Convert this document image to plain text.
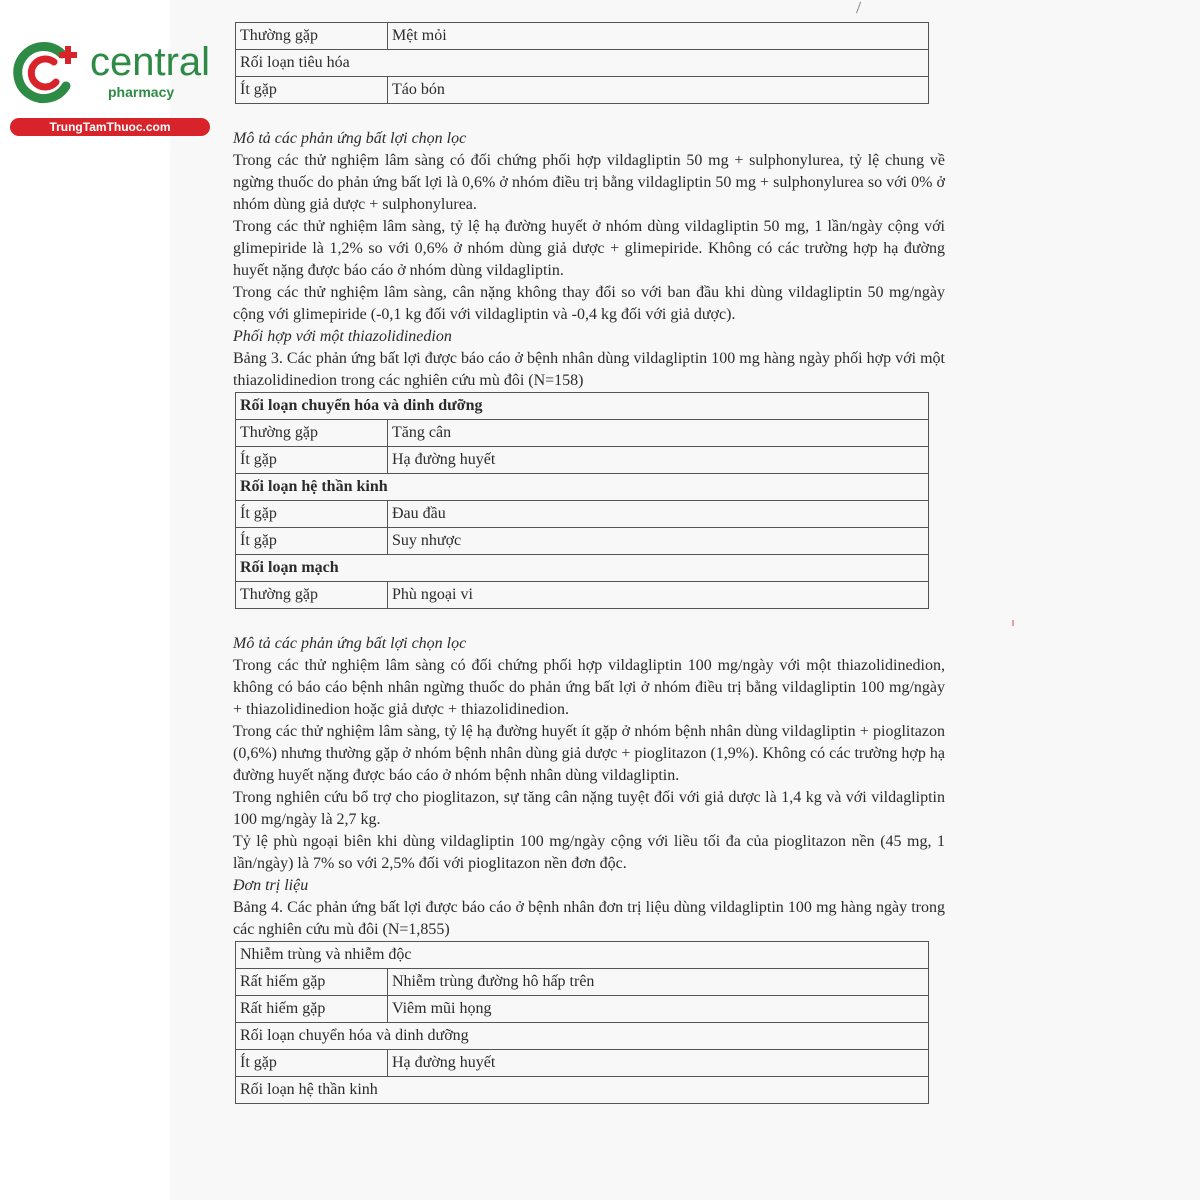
central
pharmacy
TrungTamThuoc.com
Thường gặp	Mệt mỏi
Rối loạn tiêu hóa	
Ít gặp	Táo bón

Mô tả các phản ứng bất lợi chọn lọc

Trong các thử nghiệm lâm sàng có đối chứng phối hợp vildagliptin 50 mg + sulphonylurea, tỷ lệ chung về ngừng thuốc do phản ứng bất lợi là 0,6% ở nhóm điều trị bằng vildagliptin 50 mg + sulphonylurea so với 0% ở nhóm dùng giả dược + sulphonylurea.

Trong các thử nghiệm lâm sàng, tỷ lệ hạ đường huyết ở nhóm dùng vildagliptin 50 mg, 1 lần/ngày cộng với glimepiride là 1,2% so với 0,6% ở nhóm dùng giả dược + glimepiride. Không có các trường hợp hạ đường huyết nặng được báo cáo ở nhóm dùng vildagliptin.

Trong các thử nghiệm lâm sàng, cân nặng không thay đổi so với ban đầu khi dùng vildagliptin 50 mg/ngày cộng với glimepiride (-0,1 kg đối với vildagliptin và -0,4 kg đối với giả dược).

Phối hợp với một thiazolidinedion

Bảng 3. Các phản ứng bất lợi được báo cáo ở bệnh nhân dùng vildagliptin 100 mg hàng ngày phối hợp với một thiazolidinedion trong các nghiên cứu mù đôi (N=158)

Rối loạn chuyển hóa và dinh dưỡng	
Thường gặp	Tăng cân
Ít gặp	Hạ đường huyết
Rối loạn hệ thần kinh	
Ít gặp	Đau đầu
Ít gặp	Suy nhược
Rối loạn mạch	
Thường gặp	Phù ngoại vi

Mô tả các phản ứng bất lợi chọn lọc

Trong các thử nghiệm lâm sàng có đối chứng phối hợp vildagliptin 100 mg/ngày với một thiazolidinedion, không có báo cáo bệnh nhân ngừng thuốc do phản ứng bất lợi ở nhóm điều trị bằng vildagliptin 100 mg/ngày + thiazolidinedion hoặc giả dược + thiazolidinedion.

Trong các thử nghiệm lâm sàng, tỷ lệ hạ đường huyết ít gặp ở nhóm bệnh nhân dùng vildagliptin + pioglitazon (0,6%) nhưng thường gặp ở nhóm bệnh nhân dùng giả dược + pioglitazon (1,9%). Không có các trường hợp hạ đường huyết nặng được báo cáo ở nhóm bệnh nhân dùng vildagliptin.

Trong nghiên cứu bổ trợ cho pioglitazon, sự tăng cân nặng tuyệt đối với giả dược là 1,4 kg và với vildagliptin 100 mg/ngày là 2,7 kg.

Tỷ lệ phù ngoại biên khi dùng vildagliptin 100 mg/ngày cộng với liều tối đa của pioglitazon nền (45 mg, 1 lần/ngày) là 7% so với 2,5% đối với pioglitazon nền đơn độc.

Đơn trị liệu

Bảng 4. Các phản ứng bất lợi được báo cáo ở bệnh nhân đơn trị liệu dùng vildagliptin 100 mg hàng ngày trong các nghiên cứu mù đôi (N=1,855)

Nhiễm trùng và nhiễm độc	
Rất hiếm gặp	Nhiễm trùng đường hô hấp trên
Rất hiếm gặp	Viêm mũi họng
Rối loạn chuyển hóa và dinh dưỡng	
Ít gặp	Hạ đường huyết
Rối loạn hệ thần kinh	
